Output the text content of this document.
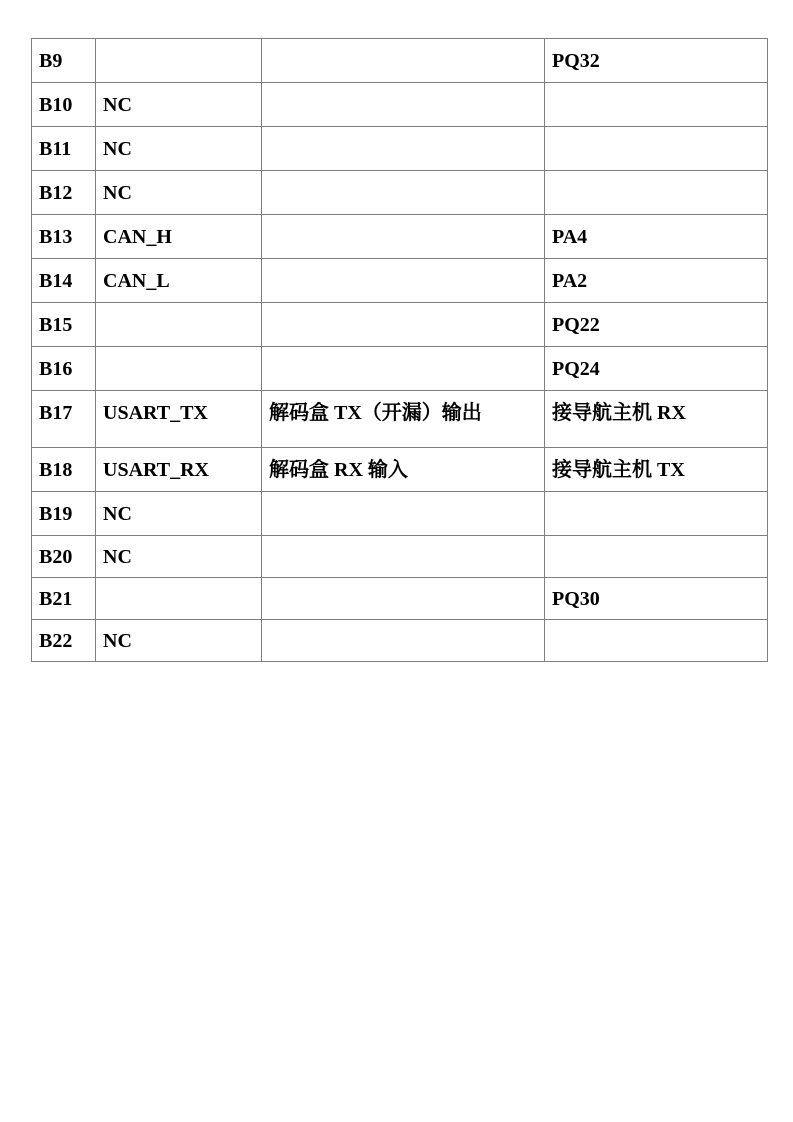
B9			PQ32
B10	NC		
B11	NC		
B12	NC		
B13	CAN_H		PA4
B14	CAN_L		PA2
B15			PQ22
B16			PQ24
B17	USART_TX	解码盒 TX（开漏）输出	接导航主机 RX
B18	USART_RX	解码盒 RX 输入	接导航主机 TX
B19	NC		
B20	NC		
B21			PQ30
B22	NC		
